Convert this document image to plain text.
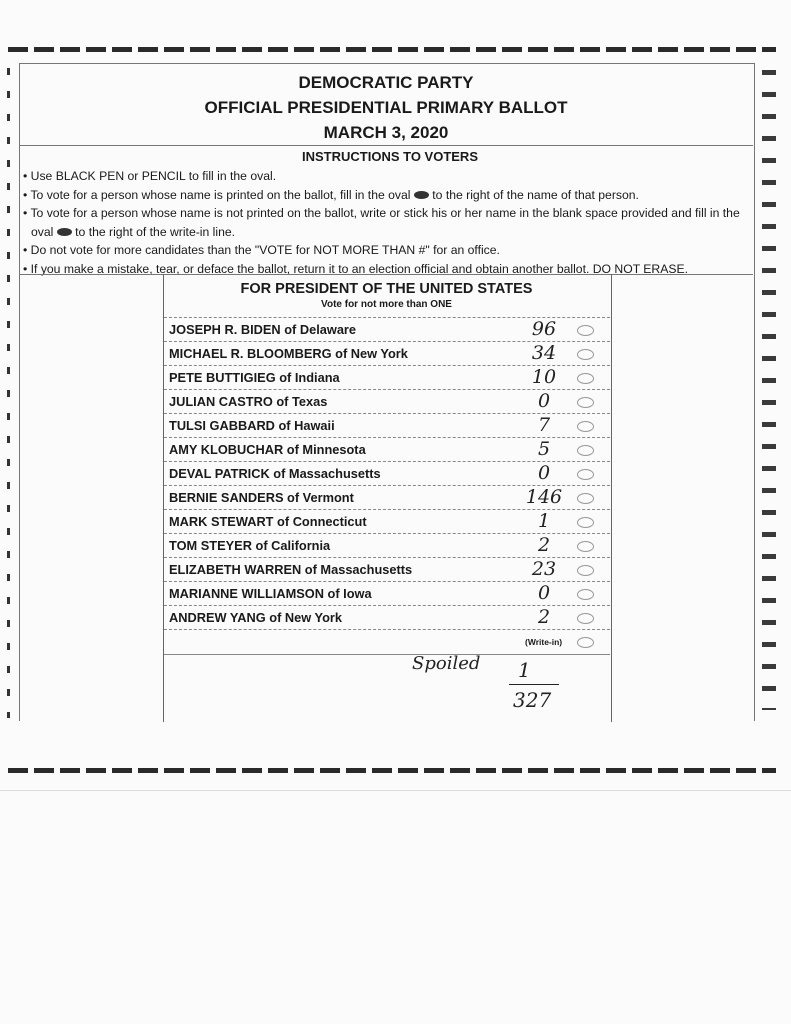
DEMOCRATIC PARTY
OFFICIAL PRESIDENTIAL PRIMARY BALLOT
MARCH 3, 2020
INSTRUCTIONS TO VOTERS

• Use BLACK PEN or PENCIL to fill in the oval.

• To vote for a person whose name is printed on the ballot, fill in the oval to the right of the name of that person.

• To vote for a person whose name is not printed on the ballot, write or stick his or her name in the blank space provided and fill in the oval to the right of the write-in line.

• Do not vote for more candidates than the "VOTE for NOT MORE THAN #" for an office.

• If you make a mistake, tear, or deface the ballot, return it to an election official and obtain another ballot. DO NOT ERASE.

FOR PRESIDENT OF THE UNITED STATES
Vote for not more than ONE
JOSEPH R. BIDEN of Delaware	96
MICHAEL R. BLOOMBERG of New York	34
PETE BUTTIGIEG of Indiana	10
JULIAN CASTRO of Texas	0
TULSI GABBARD of Hawaii	7
AMY KLOBUCHAR of Minnesota	5
DEVAL PATRICK of Massachusetts	0
BERNIE SANDERS of Vermont	146
MARK STEWART of Connecticut	1
TOM STEYER of California	2
ELIZABETH WARREN of Massachusetts	23
MARIANNE WILLIAMSON of Iowa	0
ANDREW YANG of New York	2
(Write-in)
Spoiled 1
327
